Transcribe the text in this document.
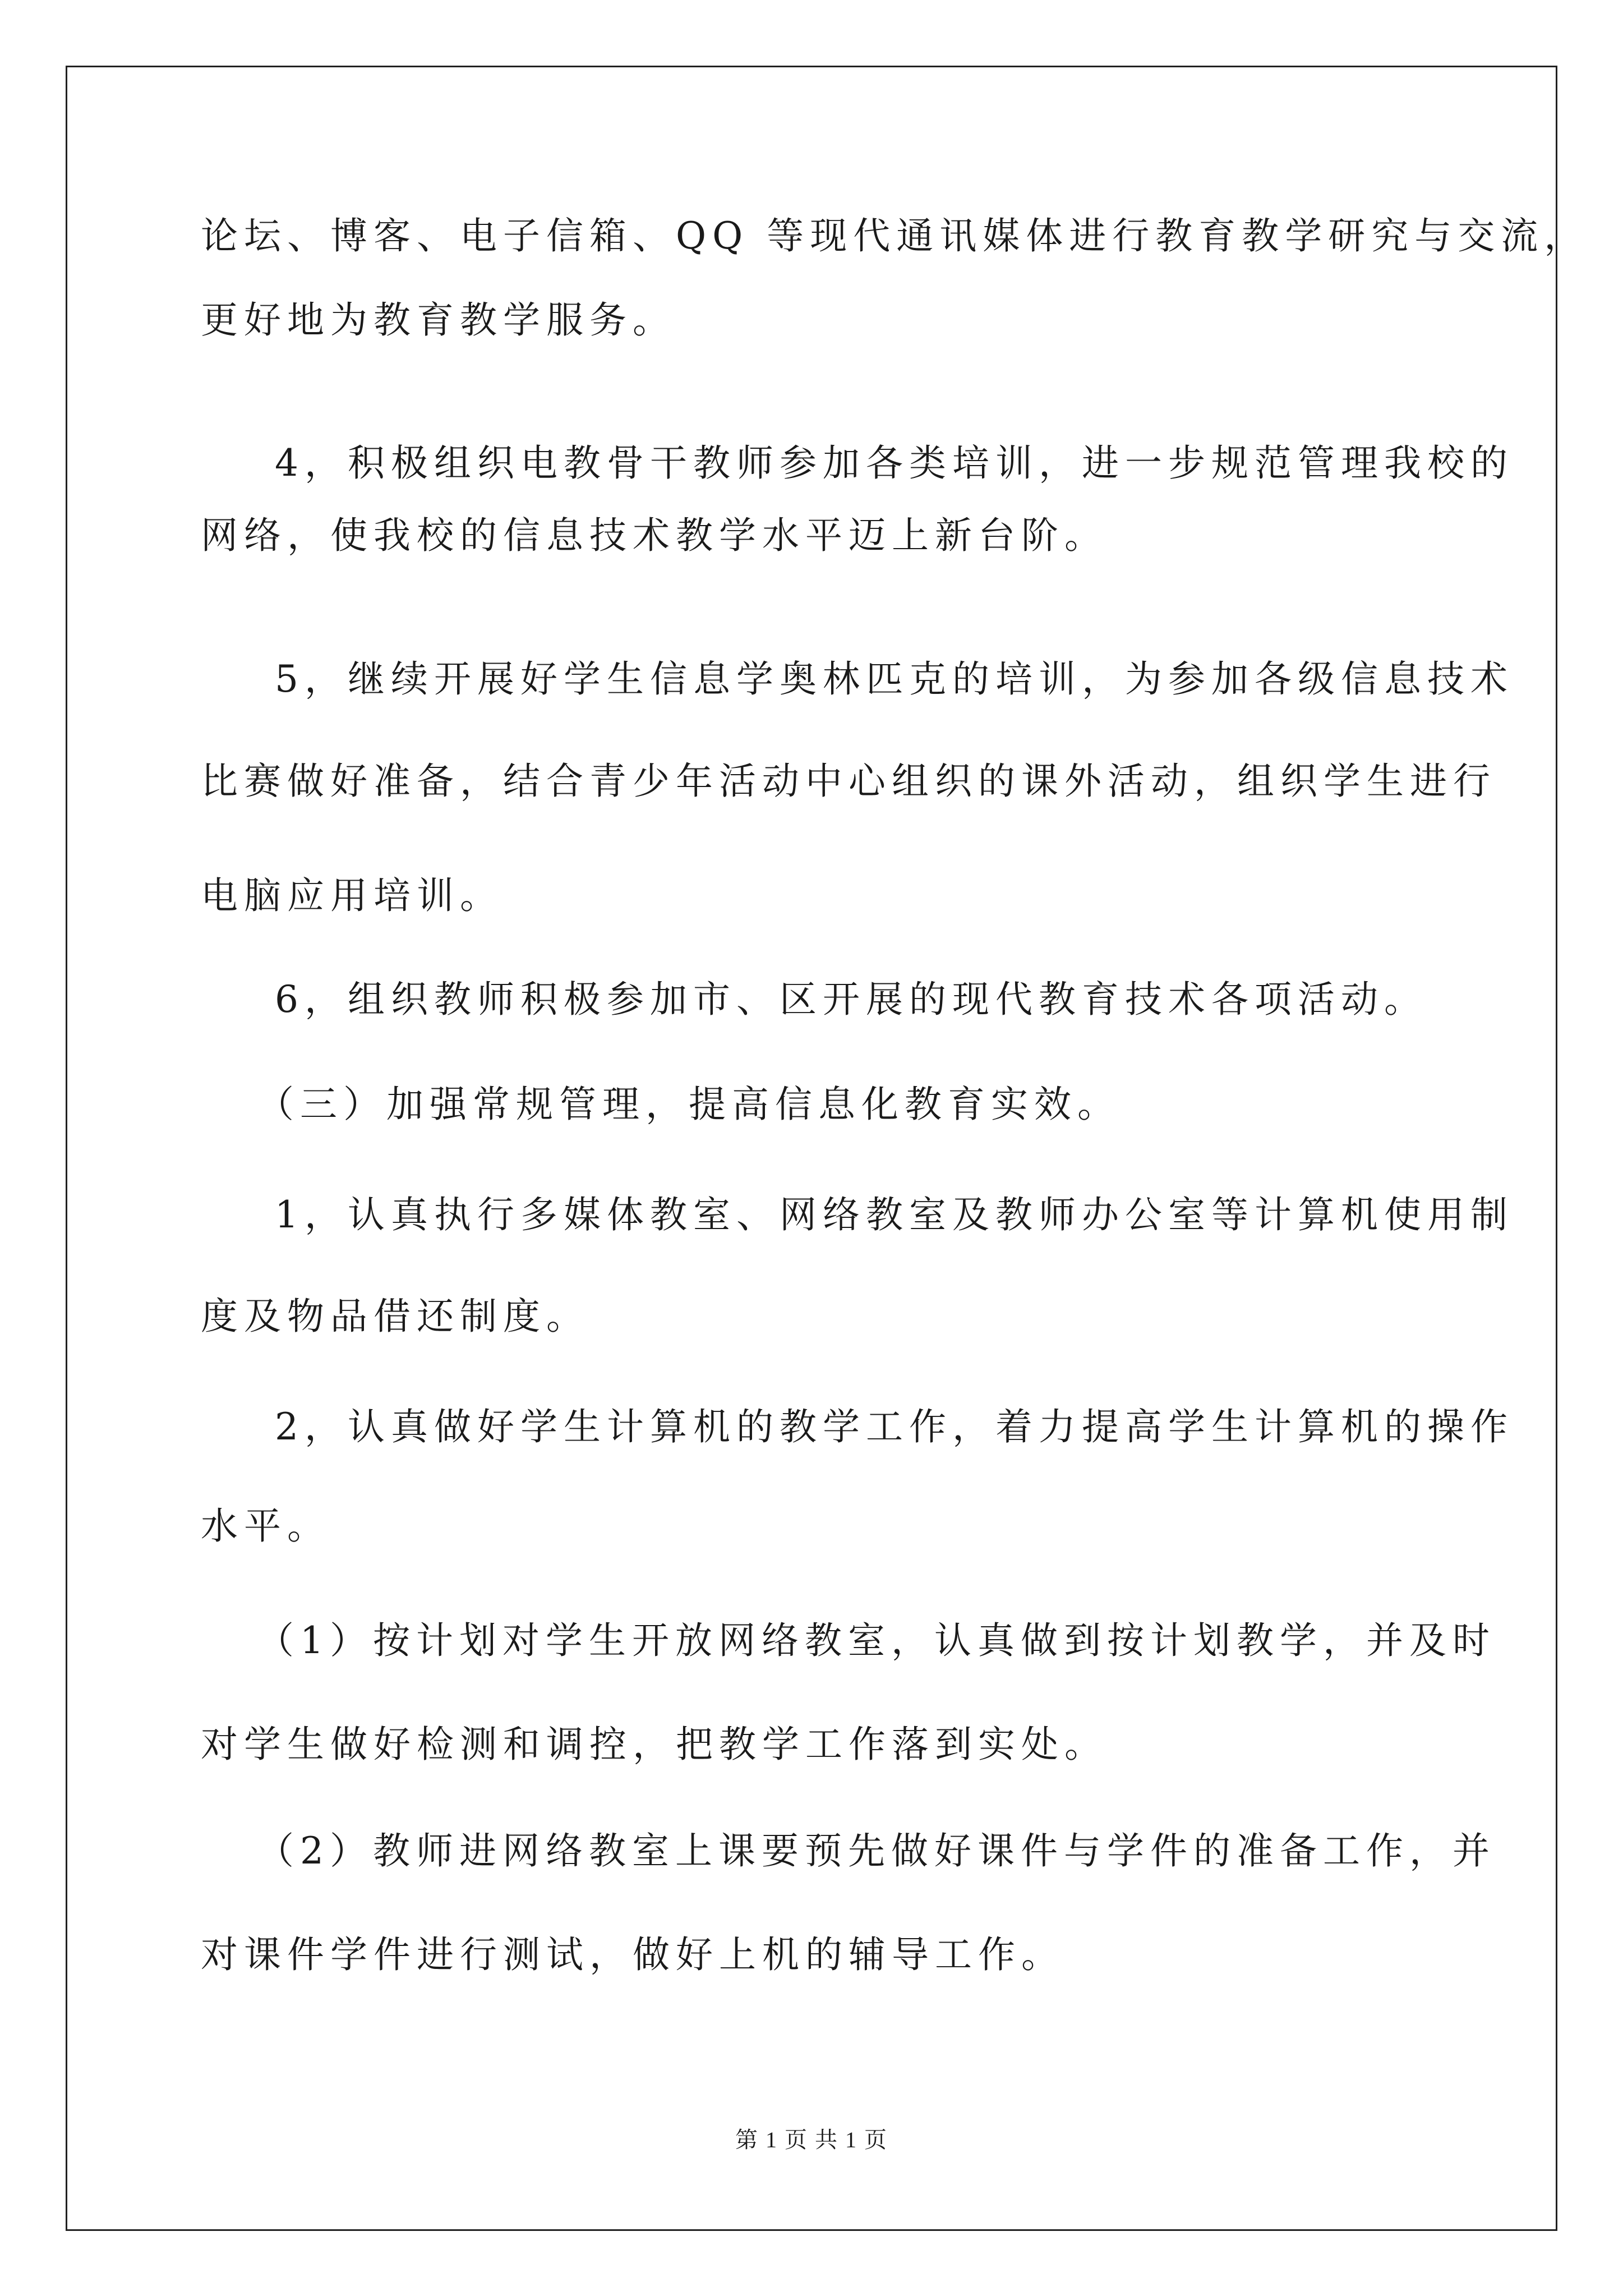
论坛、博客、电子信箱、QQ 等现代通讯媒体进行教育教学研究与交流，
更好地为教育教学服务。
4，积极组织电教骨干教师参加各类培训，进一步规范管理我校的
网络，使我校的信息技术教学水平迈上新台阶。
5，继续开展好学生信息学奥林匹克的培训，为参加各级信息技术
比赛做好准备，结合青少年活动中心组织的课外活动，组织学生进行
电脑应用培训。
6，组织教师积极参加市、区开展的现代教育技术各项活动。
（三）加强常规管理，提高信息化教育实效。
1，认真执行多媒体教室、网络教室及教师办公室等计算机使用制
度及物品借还制度。
2，认真做好学生计算机的教学工作，着力提高学生计算机的操作
水平。
（1）按计划对学生开放网络教室，认真做到按计划教学，并及时
对学生做好检测和调控，把教学工作落到实处。
（2）教师进网络教室上课要预先做好课件与学件的准备工作，并
对课件学件进行测试，做好上机的辅导工作。
第 1 页 共 1 页
